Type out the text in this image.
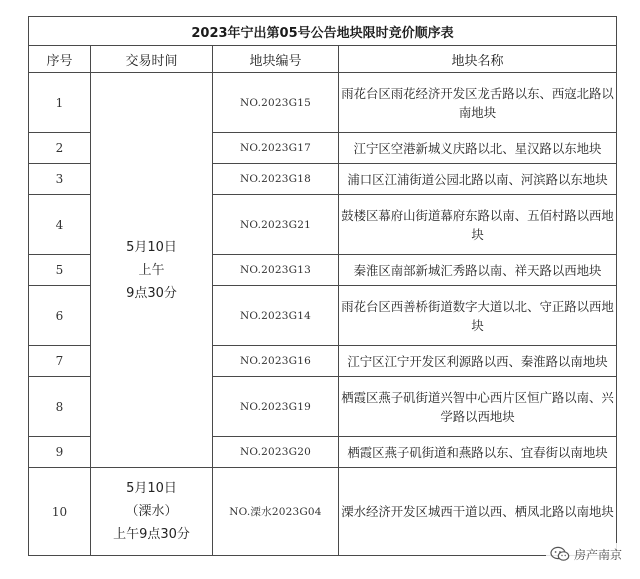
2023年宁出第05号公告地块限时竞价顺序表			
序号	交易时间	地块编号	地块名称
1	5月10日
上午
9点30分	NO.2023G15	雨花台区雨花经济开发区龙舌路以东、西寇北路以南地块
2		NO.2023G17	江宁区空港新城义庆路以北、星汉路以东地块
3		NO.2023G18	浦口区江浦街道公园北路以南、河滨路以东地块
4		NO.2023G21	鼓楼区幕府山街道幕府东路以南、五佰村路以西地块
5		NO.2023G13	秦淮区南部新城汇秀路以南、祥天路以西地块
6		NO.2023G14	雨花台区西善桥街道数字大道以北、守正路以西地块
7		NO.2023G16	江宁区江宁开发区利源路以西、秦淮路以南地块
8		NO.2023G19	栖霞区燕子矶街道兴智中心西片区恒广路以南、兴学路以西地块
9		NO.2023G20	栖霞区燕子矶街道和燕路以东、宜春街以南地块
10	5月10日
（溧水）
上午9点30分	NO.溧水2023G04	溧水经济开发区城西干道以西、栖凤北路以南地块
房产南京
